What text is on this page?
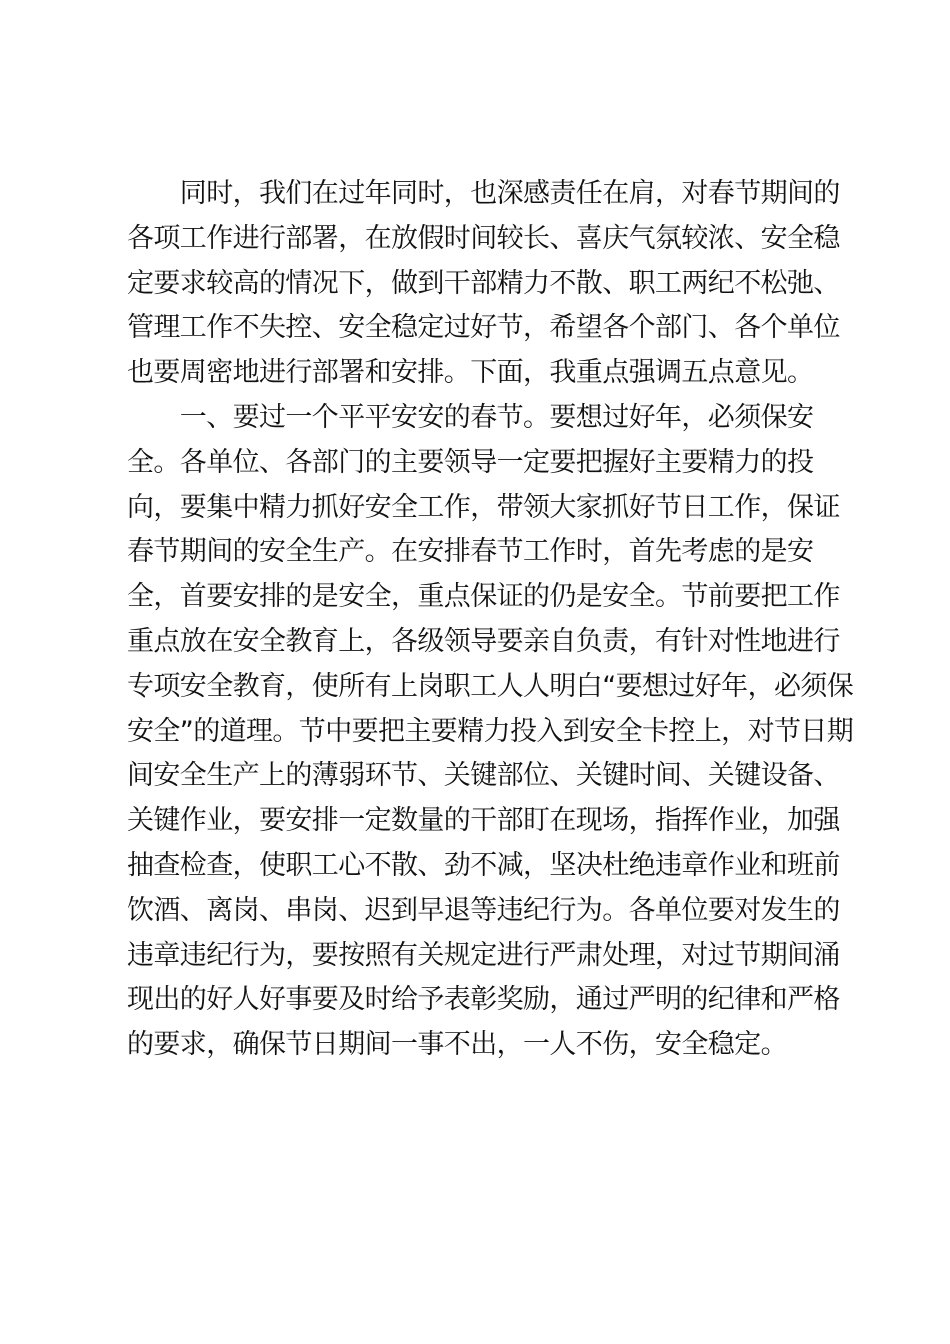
　　同时，我们在过年同时，也深感责任在肩，对春节期间的

各项工作进行部署，在放假时间较长、喜庆气氛较浓、安全稳

定要求较高的情况下，做到干部精力不散、职工两纪不松弛、

管理工作不失控、安全稳定过好节，希望各个部门、各个单位

也要周密地进行部署和安排。下面，我重点强调五点意见。

　　一、要过一个平平安安的春节。要想过好年，必须保安

全。各单位、各部门的主要领导一定要把握好主要精力的投

向，要集中精力抓好安全工作，带领大家抓好节日工作，保证

春节期间的安全生产。在安排春节工作时，首先考虑的是安

全，首要安排的是安全，重点保证的仍是安全。节前要把工作

重点放在安全教育上，各级领导要亲自负责，有针对性地进行

专项安全教育，使所有上岗职工人人明白“要想过好年，必须保

安全”的道理。节中要把主要精力投入到安全卡控上，对节日期

间安全生产上的薄弱环节、关键部位、关键时间、关键设备、

关键作业，要安排一定数量的干部盯在现场，指挥作业，加强

抽查检查，使职工心不散、劲不减，坚决杜绝违章作业和班前

饮酒、离岗、串岗、迟到早退等违纪行为。各单位要对发生的

违章违纪行为，要按照有关规定进行严肃处理，对过节期间涌

现出的好人好事要及时给予表彰奖励，通过严明的纪律和严格

的要求，确保节日期间一事不出，一人不伤，安全稳定。
